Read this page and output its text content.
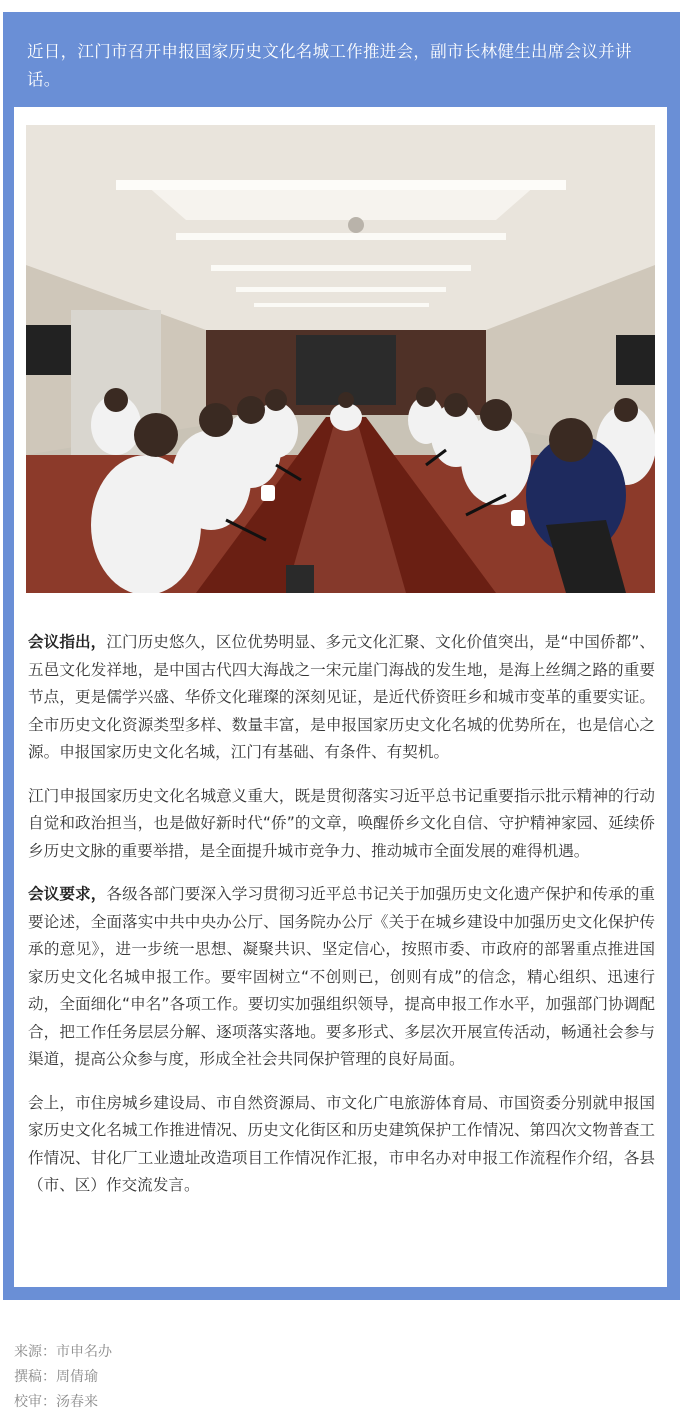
近日，江门市召开申报国家历史文化名城工作推进会，副市长林健生出席会议并讲话。

会议指出，江门历史悠久，区位优势明显、多元文化汇聚、文化价值突出，是“中国侨都”、五邑文化发祥地，是中国古代四大海战之一宋元崖门海战的发生地，是海上丝绸之路的重要节点，更是儒学兴盛、华侨文化璀璨的深刻见证，是近代侨资旺乡和城市变革的重要实证。全市历史文化资源类型多样、数量丰富，是申报国家历史文化名城的优势所在，也是信心之源。申报国家历史文化名城，江门有基础、有条件、有契机。

江门申报国家历史文化名城意义重大，既是贯彻落实习近平总书记重要指示批示精神的行动自觉和政治担当，也是做好新时代“侨”的文章，唤醒侨乡文化自信、守护精神家园、延续侨乡历史文脉的重要举措，是全面提升城市竞争力、推动城市全面发展的难得机遇。

会议要求，各级各部门要深入学习贯彻习近平总书记关于加强历史文化遗产保护和传承的重要论述，全面落实中共中央办公厅、国务院办公厅《关于在城乡建设中加强历史文化保护传承的意见》，进一步统一思想、凝聚共识、坚定信心，按照市委、市政府的部署重点推进国家历史文化名城申报工作。要牢固树立“不创则已，创则有成”的信念，精心组织、迅速行动，全面细化“申名”各项工作。要切实加强组织领导，提高申报工作水平，加强部门协调配合，把工作任务层层分解、逐项落实落地。要多形式、多层次开展宣传活动，畅通社会参与渠道，提高公众参与度，形成全社会共同保护管理的良好局面。

会上，市住房城乡建设局、市自然资源局、市文化广电旅游体育局、市国资委分别就申报国家历史文化名城工作推进情况、历史文化街区和历史建筑保护工作情况、第四次文物普查工作情况、甘化厂工业遗址改造项目工作情况作汇报，市申名办对申报工作流程作介绍，各县（市、区）作交流发言。

来源：市申名办
撰稿：周倩瑜
校审：汤春来
